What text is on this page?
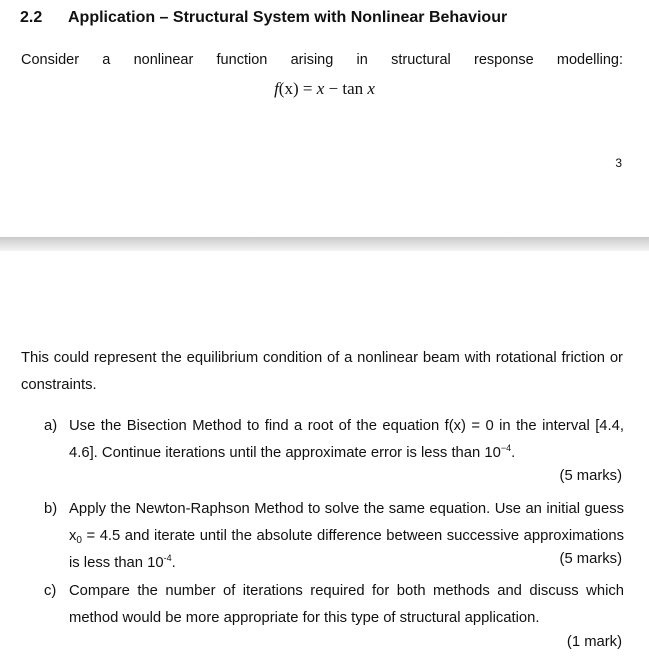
2.2 Application – Structural System with Nonlinear Behaviour
Consider a nonlinear function arising in structural response modelling:
f(x) = x − tan x
3
This could represent the equilibrium condition of a nonlinear beam with rotational friction or constraints.
a) Use the Bisection Method to find a root of the equation f(x) = 0 in the interval [4.4, 4.6]. Continue iterations until the approximate error is less than $10^{-4}$.
(5 marks)
b) Apply the Newton-Raphson Method to solve the same equation. Use an initial guess $x_0 = 4.5$ and iterate until the absolute difference between successive approximations is less than $10^{-4}$.	(5 marks)
c) Compare the number of iterations required for both methods and discuss which method would be more appropriate for this type of structural application.
(1 mark)
